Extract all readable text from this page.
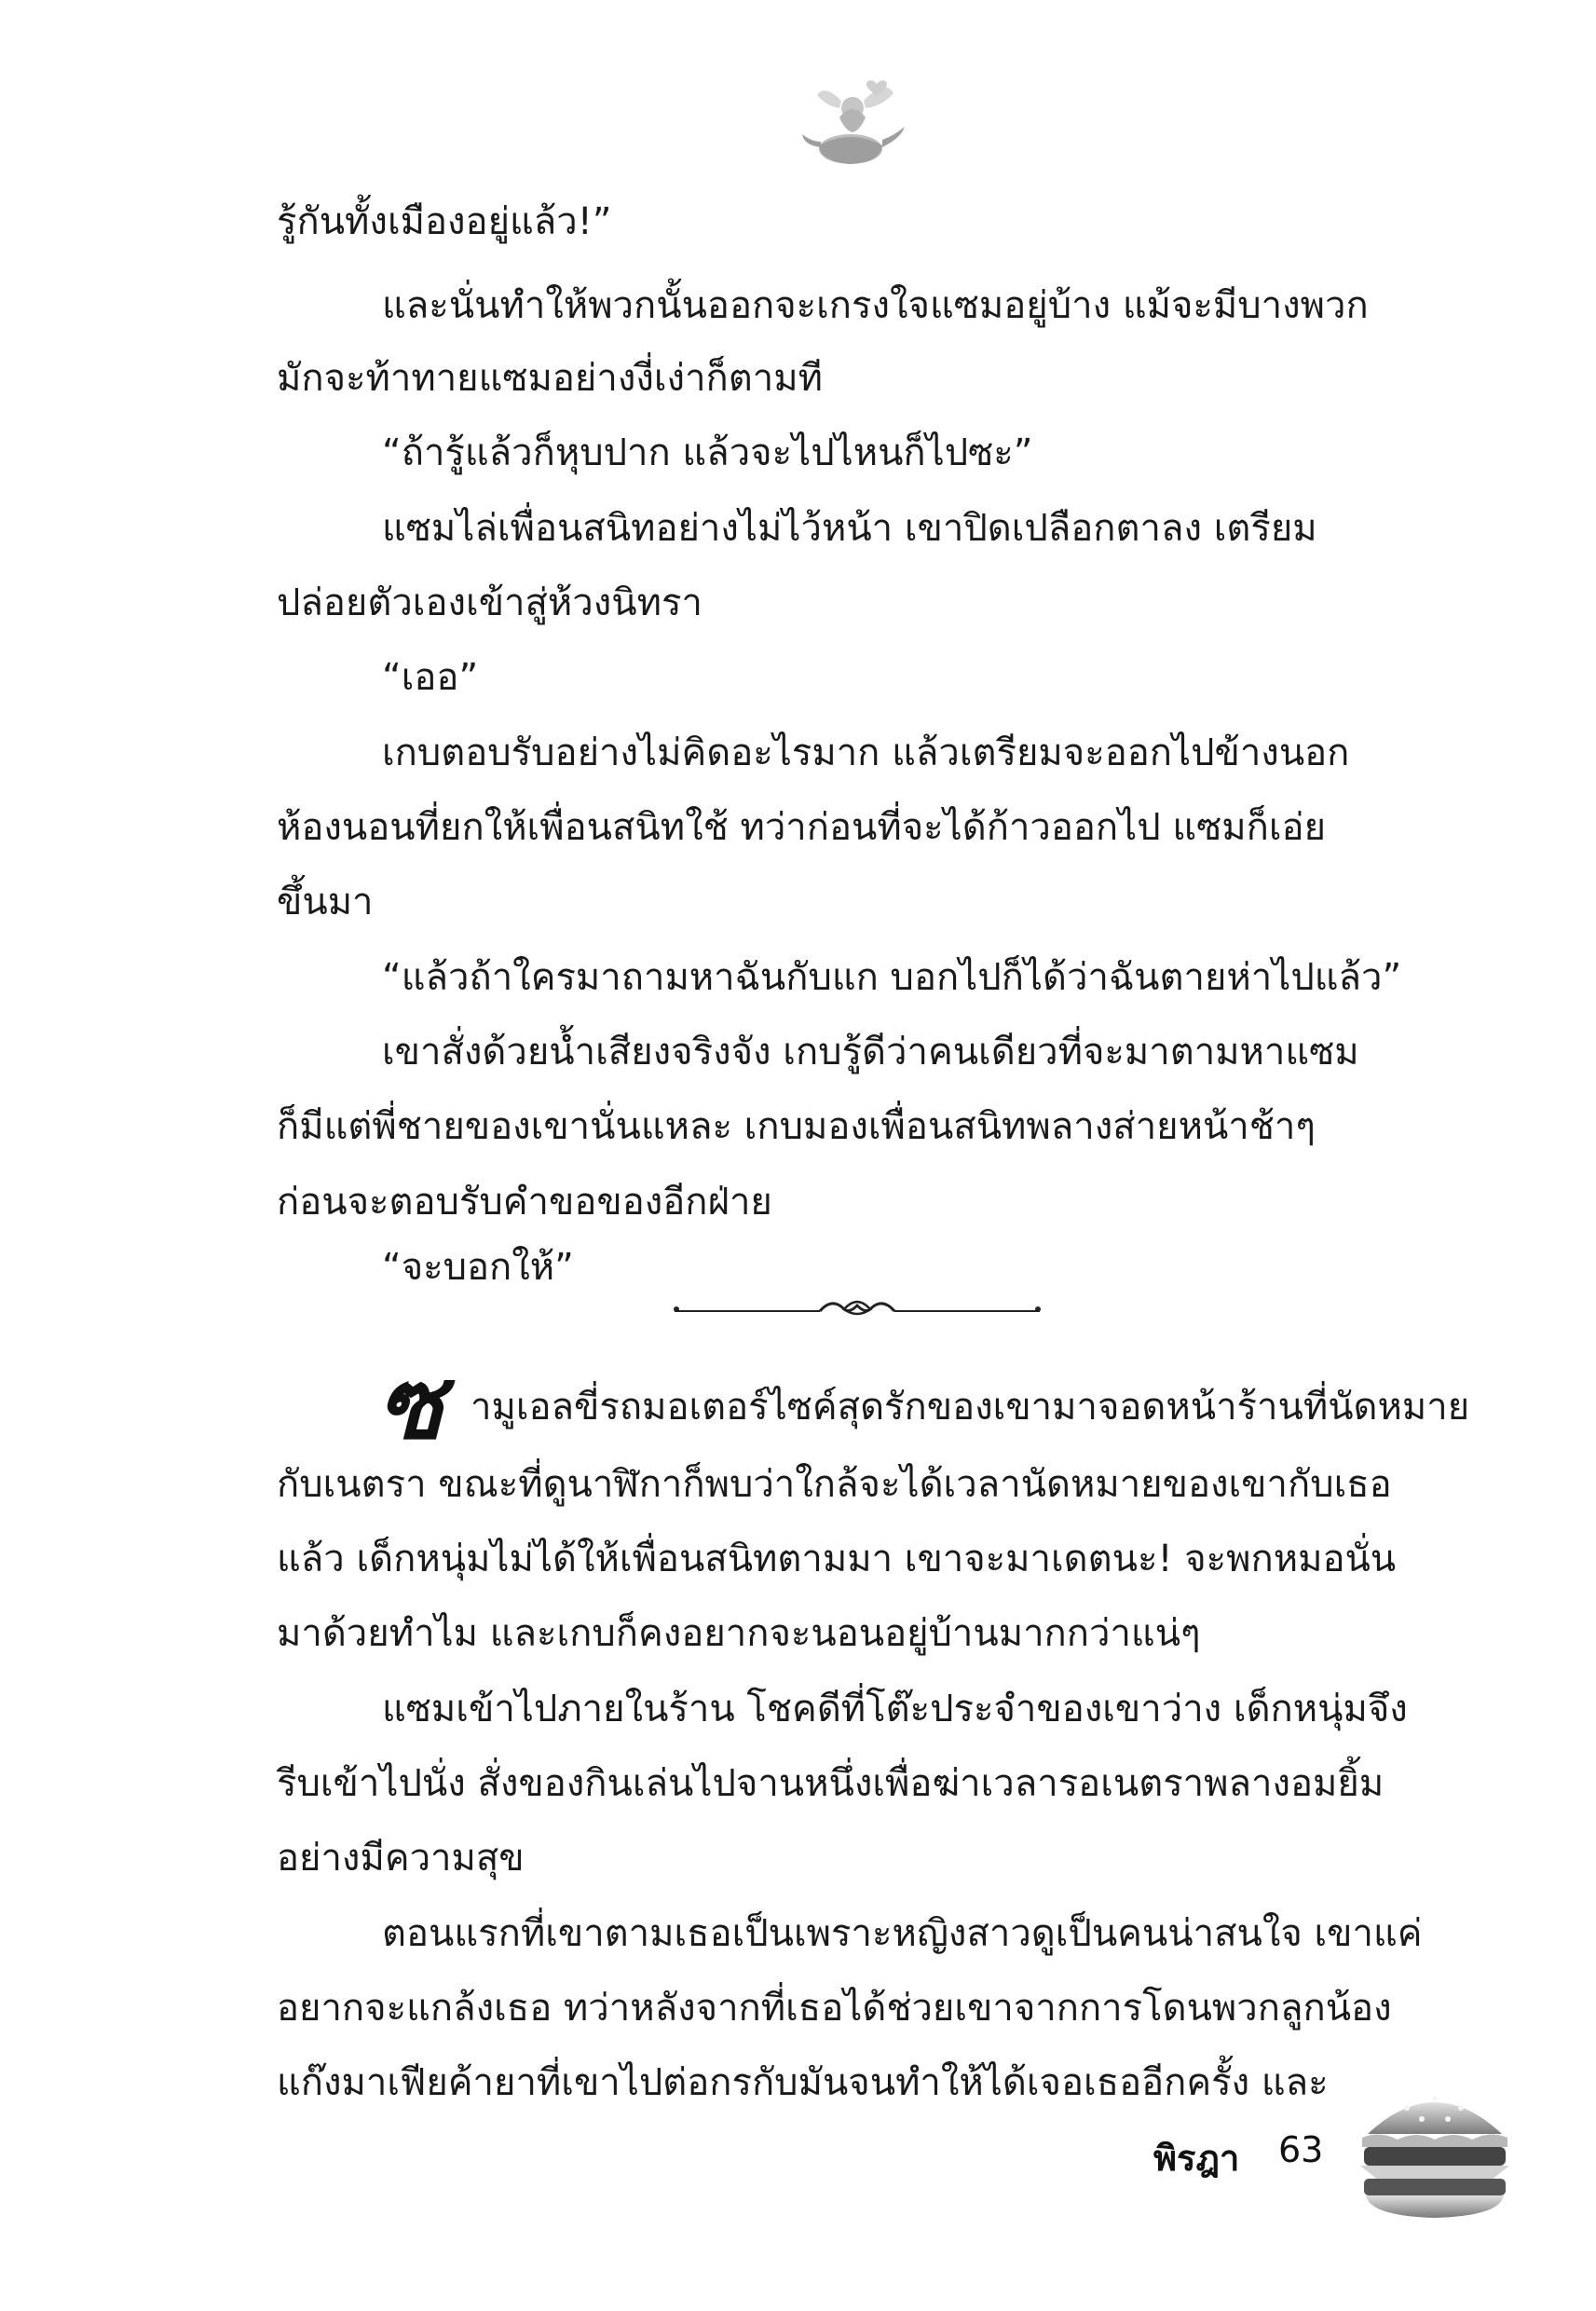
รู้กันทั้งเมืองอยู่แล้ว!”
และนั่นทำให้พวกนั้นออกจะเกรงใจแซมอยู่บ้าง แม้จะมีบางพวก
มักจะท้าทายแซมอย่างงี่เง่าก็ตามที
“ถ้ารู้แล้วก็หุบปาก แล้วจะไปไหนก็ไปซะ”
แซมไล่เพื่อนสนิทอย่างไม่ไว้หน้า เขาปิดเปลือกตาลง เตรียม
ปล่อยตัวเองเข้าสู่ห้วงนิทรา
“เออ”
เกบตอบรับอย่างไม่คิดอะไรมาก แล้วเตรียมจะออกไปข้างนอก
ห้องนอนที่ยกให้เพื่อนสนิทใช้ ทว่าก่อนที่จะได้ก้าวออกไป แซมก็เอ่ย
ขึ้นมา
“แล้วถ้าใครมาถามหาฉันกับแก บอกไปก็ได้ว่าฉันตายห่าไปแล้ว”
เขาสั่งด้วยน้ำเสียงจริงจัง เกบรู้ดีว่าคนเดียวที่จะมาตามหาแซม
ก็มีแต่พี่ชายของเขานั่นแหละ เกบมองเพื่อนสนิทพลางส่ายหน้าช้าๆ
ก่อนจะตอบรับคำขอของอีกฝ่าย
“จะบอกให้”
ซ ามูเอลขี่รถมอเตอร์ไซค์สุดรักของเขามาจอดหน้าร้านที่นัดหมาย
กับเนตรา ขณะที่ดูนาฬิกาก็พบว่าใกล้จะได้เวลานัดหมายของเขากับเธอ
แล้ว เด็กหนุ่มไม่ได้ให้เพื่อนสนิทตามมา เขาจะมาเดตนะ! จะพกหมอนั่น
มาด้วยทำไม และเกบก็คงอยากจะนอนอยู่บ้านมากกว่าแน่ๆ
แซมเข้าไปภายในร้าน โชคดีที่โต๊ะประจำของเขาว่าง เด็กหนุ่มจึง
รีบเข้าไปนั่ง สั่งของกินเล่นไปจานหนึ่งเพื่อฆ่าเวลารอเนตราพลางอมยิ้ม
อย่างมีความสุข
ตอนแรกที่เขาตามเธอเป็นเพราะหญิงสาวดูเป็นคนน่าสนใจ เขาแค่
อยากจะแกล้งเธอ ทว่าหลังจากที่เธอได้ช่วยเขาจากการโดนพวกลูกน้อง
แก๊งมาเฟียค้ายาที่เขาไปต่อกรกับมันจนทำให้ได้เจอเธออีกครั้ง และ
พิรฎา 63
